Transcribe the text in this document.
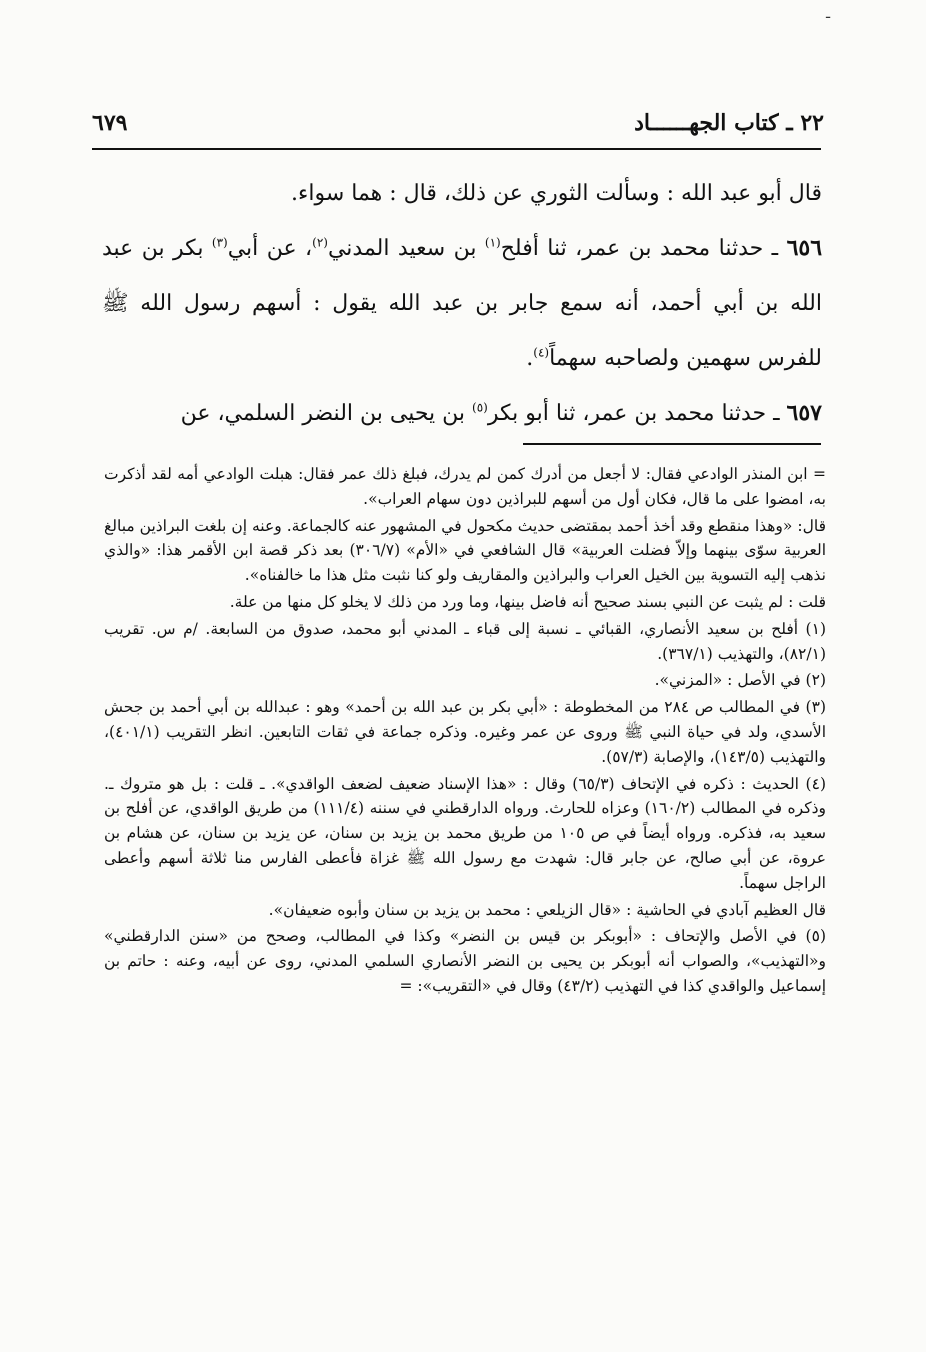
ـ
٢٢ ـ كتاب الجهــــــاد
٦٧٩

قال أبو عبد الله : وسألت الثوري عن ذلك، قال : هما سواء.

٦٥٦ ـ حدثنا محمد بن عمر، ثنا أفلح$^{(١)}$ بن سعيد المدني$^{(٢)}$، عن أبي$^{(٣)}$ بكر بن عبد الله بن أبي أحمد، أنه سمع جابر بن عبد الله يقول : أسهم رسول الله ﷺ للفرس سهمين ولصاحبه سهماً$^{(٤)}$.

٦٥٧ ـ حدثنا محمد بن عمر، ثنا أبو بكر$^{(٥)}$ بن يحيى بن النضر السلمي، عن

= ابن المنذر الوادعي فقال: لا أجعل من أدرك كمن لم يدرك، فبلغ ذلك عمر فقال: هبلت الوادعي أمه لقد أذكرت به، امضوا على ما قال، فكان أول من أسهم للبراذين دون سهام العراب».

قال: «وهذا منقطع وقد أخذ أحمد بمقتضى حديث مكحول في المشهور عنه كالجماعة. وعنه إن بلغت البراذين مبالغ العربية سوّى بينهما وإلاّ فضلت العربية» قال الشافعي في «الأم» (٣٠٦/٧) بعد ذكر قصة ابن الأقمر هذا: «والذي نذهب إليه التسوية بين الخيل العراب والبراذين والمقاريف ولو كنا نثبت مثل هذا ما خالفناه».

قلت : لم يثبت عن النبي بسند صحيح أنه فاضل بينها، وما ورد من ذلك لا يخلو كل منها من علة.

(١) أفلح بن سعيد الأنصاري، القبائي ـ نسبة إلى قباء ـ المدني أبو محمد، صدوق من السابعة. /م س. تقريب (٨٢/١)، والتهذيب (٣٦٧/١).

(٢) في الأصل : «المزني».

(٣) في المطالب ص ٢٨٤ من المخطوطة : «أبي بكر بن عبد الله بن أحمد» وهو : عبدالله بن أبي أحمد بن جحش الأسدي، ولد في حياة النبي ﷺ وروى عن عمر وغيره. وذكره جماعة في ثقات التابعين. انظر التقريب (٤٠١/١)، والتهذيب (١٤٣/٥)، والإصابة (٥٧/٣).

(٤) الحديث : ذكره في الإتحاف (٦٥/٣) وقال : «هذا الإسناد ضعيف لضعف الواقدي». ـ قلت : بل هو متروك ـ. وذكره في المطالب (١٦٠/٢) وعزاه للحارث. ورواه الدارقطني في سننه (١١١/٤) من طريق الواقدي، عن أفلح بن سعيد به، فذكره. ورواه أيضاً في ص ١٠٥ من طريق محمد بن يزيد بن سنان، عن يزيد بن سنان، عن هشام بن عروة، عن أبي صالح، عن جابر قال: شهدت مع رسول الله ﷺ غزاة فأعطى الفارس منا ثلاثة أسهم وأعطى الراجل سهماً.

قال العظيم آبادي في الحاشية : «قال الزيلعي : محمد بن يزيد بن سنان وأبوه ضعيفان».

(٥) في الأصل والإتحاف : «أبوبكر بن قيس بن النضر» وكذا في المطالب، وصحح من «سنن الدارقطني» و«التهذيب»، والصواب أنه أبوبكر بن يحيى بن النضر الأنصاري السلمي المدني، روى عن أبيه، وعنه : حاتم بن إسماعيل والواقدي كذا في التهذيب (٤٣/٢) وقال في «التقريب»: =
